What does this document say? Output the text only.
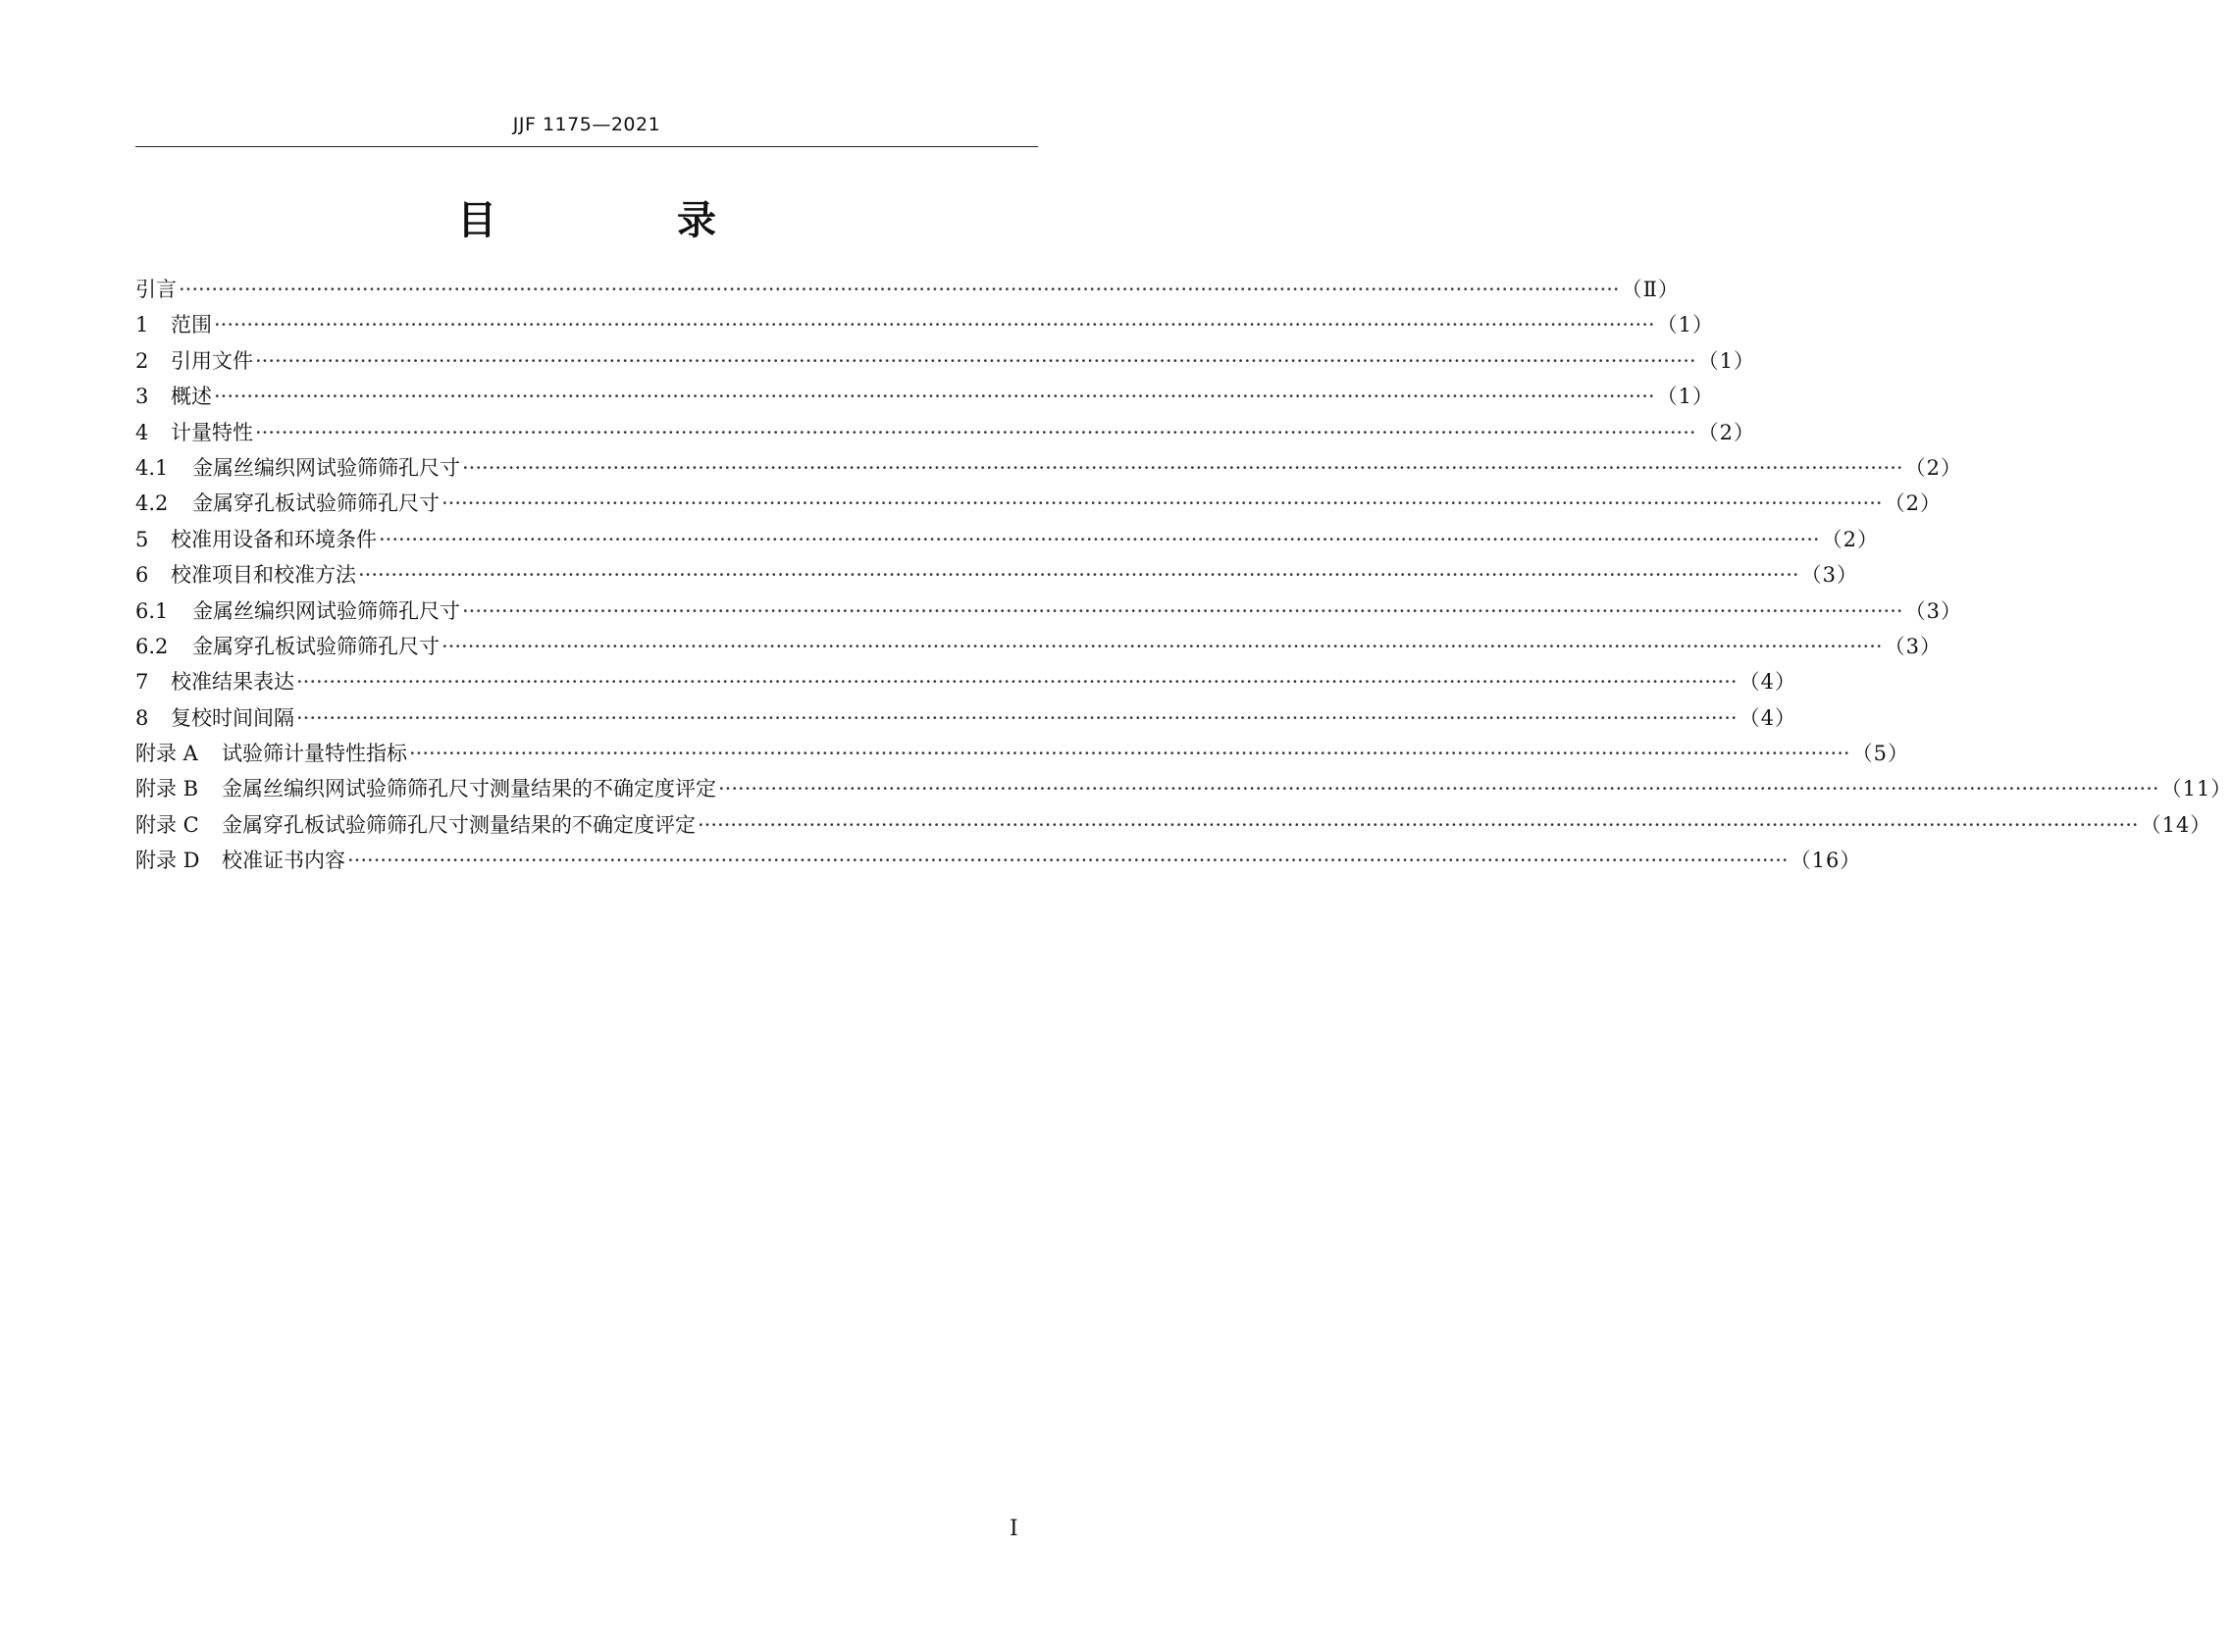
JJF 1175—2021
目　录
引言 ···························································································································································································································· （Ⅱ）
1 范围 ···························································································································································································································· （1）
2 引用文件 ···························································································································································································································· （1）
3 概述 ···························································································································································································································· （1）
4 计量特性 ···························································································································································································································· （2）
4.1 金属丝编织网试验筛筛孔尺寸 ···························································································································································································································· （2）
4.2 金属穿孔板试验筛筛孔尺寸 ···························································································································································································································· （2）
5 校准用设备和环境条件 ···························································································································································································································· （2）
6 校准项目和校准方法 ···························································································································································································································· （3）
6.1 金属丝编织网试验筛筛孔尺寸 ···························································································································································································································· （3）
6.2 金属穿孔板试验筛筛孔尺寸 ···························································································································································································································· （3）
7 校准结果表达 ···························································································································································································································· （4）
8 复校时间间隔 ···························································································································································································································· （4）
附录 A 试验筛计量特性指标 ···························································································································································································································· （5）
附录 B 金属丝编织网试验筛筛孔尺寸测量结果的不确定度评定 ···························································································································································································································· （11）
附录 C 金属穿孔板试验筛筛孔尺寸测量结果的不确定度评定 ···························································································································································································································· （14）
附录 D 校准证书内容 ···························································································································································································································· （16）
Ⅰ
